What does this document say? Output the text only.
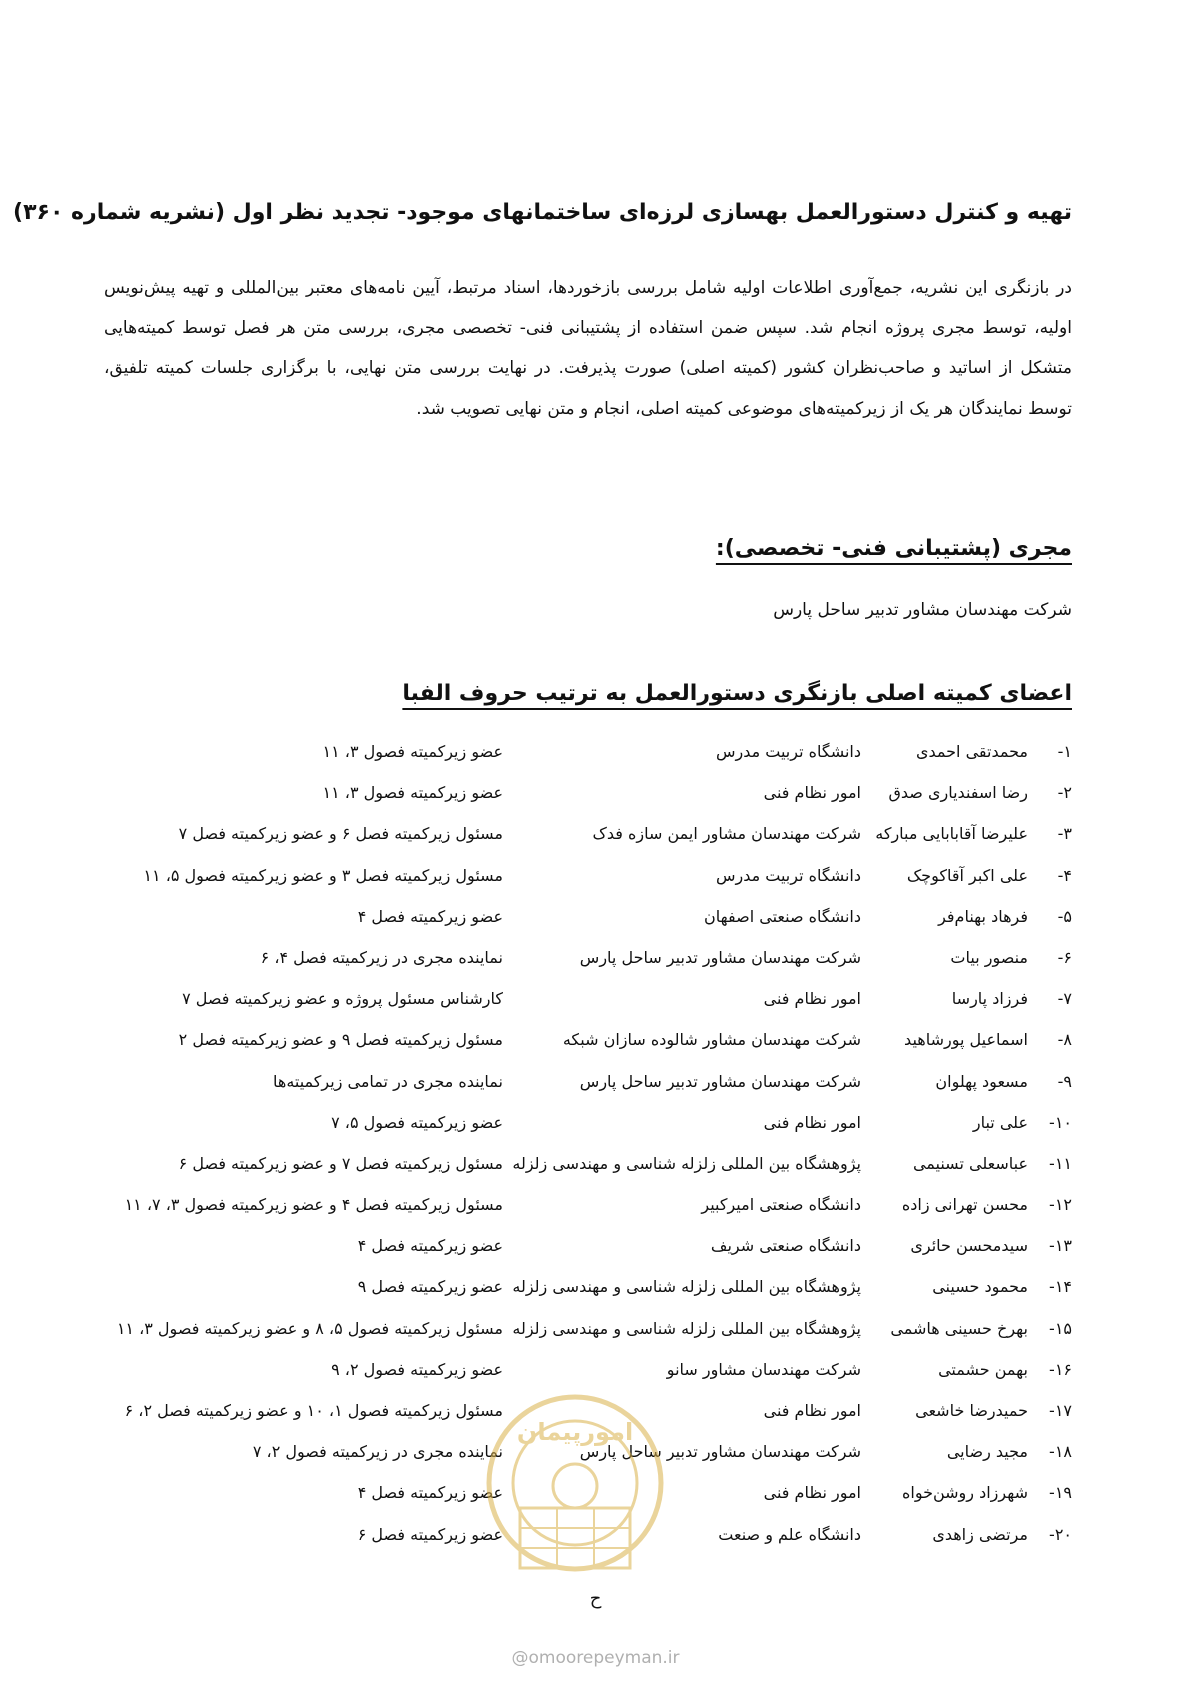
تهیه و کنترل دستورالعمل بهسازی لرزه‌ای ساختمانهای موجود- تجدید نظر اول (نشریه شماره ۳۶۰)

در بازنگری این نشریه، جمع‌آوری اطلاعات اولیه شامل بررسی بازخوردها، اسناد مرتبط، آیین نامه‌های معتبر بین‌المللی و تهیه پیش‌نویس اولیه، توسط مجری پروژه انجام شد. سپس ضمن استفاده از پشتیبانی فنی- تخصصی مجری، بررسی متن هر فصل توسط کمیته‌هایی متشکل از اساتید و صاحب‌نظران کشور (کمیته اصلی) صورت پذیرفت. در نهایت بررسی متن نهایی، با برگزاری جلسات کمیته تلفیق، توسط نمایندگان هر یک از زیرکمیته‌های موضوعی کمیته اصلی، انجام و متن نهایی تصویب شد.

مجری (پشتیبانی فنی- تخصصی):
شرکت مهندسان مشاور تدبیر ساحل پارس
اعضای کمیته اصلی بازنگری دستورالعمل به ترتیب حروف الفبا
۱-
محمدتقی احمدی
دانشگاه تربیت مدرس
عضو زیرکمیته فصول ۳، ۱۱
۲-
رضا اسفندیاری صدق
امور نظام فنی
عضو زیرکمیته فصول ۳، ۱۱
۳-
علیرضا آقابابایی مبارکه
شرکت مهندسان مشاور ایمن سازه فدک
مسئول زیرکمیته فصل ۶ و عضو زیرکمیته فصل ۷
۴-
علی اکبر آقاکوچک
دانشگاه تربیت مدرس
مسئول زیرکمیته فصل ۳ و عضو زیرکمیته فصول ۵، ۱۱
۵-
فرهاد بهنام‌فر
دانشگاه صنعتی اصفهان
عضو زیرکمیته فصل ۴
۶-
منصور بیات
شرکت مهندسان مشاور تدبیر ساحل پارس
نماینده مجری در زیرکمیته فصل ۴، ۶
۷-
فرزاد پارسا
امور نظام فنی
کارشناس مسئول پروژه و عضو زیرکمیته فصل ۷
۸-
اسماعیل پورشاهید
شرکت مهندسان مشاور شالوده سازان شبکه
مسئول زیرکمیته فصل ۹ و عضو زیرکمیته فصل ۲
۹-
مسعود پهلوان
شرکت مهندسان مشاور تدبیر ساحل پارس
نماینده مجری در تمامی زیرکمیته‌ها
۱۰-
علی تبار
امور نظام فنی
عضو زیرکمیته فصول ۵، ۷
۱۱-
عباسعلی تسنیمی
پژوهشگاه بین المللی زلزله شناسی و مهندسی زلزله
مسئول زیرکمیته فصل ۷ و عضو زیرکمیته فصل ۶
۱۲-
محسن تهرانی زاده
دانشگاه صنعتی امیرکبیر
مسئول زیرکمیته فصل ۴ و عضو زیرکمیته فصول ۳، ۷، ۱۱
۱۳-
سیدمحسن حائری
دانشگاه صنعتی شریف
عضو زیرکمیته فصل ۴
۱۴-
محمود حسینی
پژوهشگاه بین المللی زلزله شناسی و مهندسی زلزله
عضو زیرکمیته فصل ۹
۱۵-
بهرخ حسینی هاشمی
پژوهشگاه بین المللی زلزله شناسی و مهندسی زلزله
مسئول زیرکمیته فصول ۵، ۸ و عضو زیرکمیته فصول ۳، ۱۱
۱۶-
بهمن حشمتی
شرکت مهندسان مشاور سانو
عضو زیرکمیته فصول ۲، ۹
۱۷-
حمیدرضا خاشعی
امور نظام فنی
مسئول زیرکمیته فصول ۱، ۱۰ و عضو زیرکمیته فصل ۲، ۶
۱۸-
مجید رضایی
شرکت مهندسان مشاور تدبیر ساحل پارس
نماینده مجری در زیرکمیته فصول ۲، ۷
۱۹-
شهرزاد روشن‌خواه
امور نظام فنی
عضو زیرکمیته فصل ۴
۲۰-
مرتضی زاهدی
دانشگاه علم و صنعت
عضو زیرکمیته فصل ۶
امورپیمان
ح
@omoorepeyman.ir
